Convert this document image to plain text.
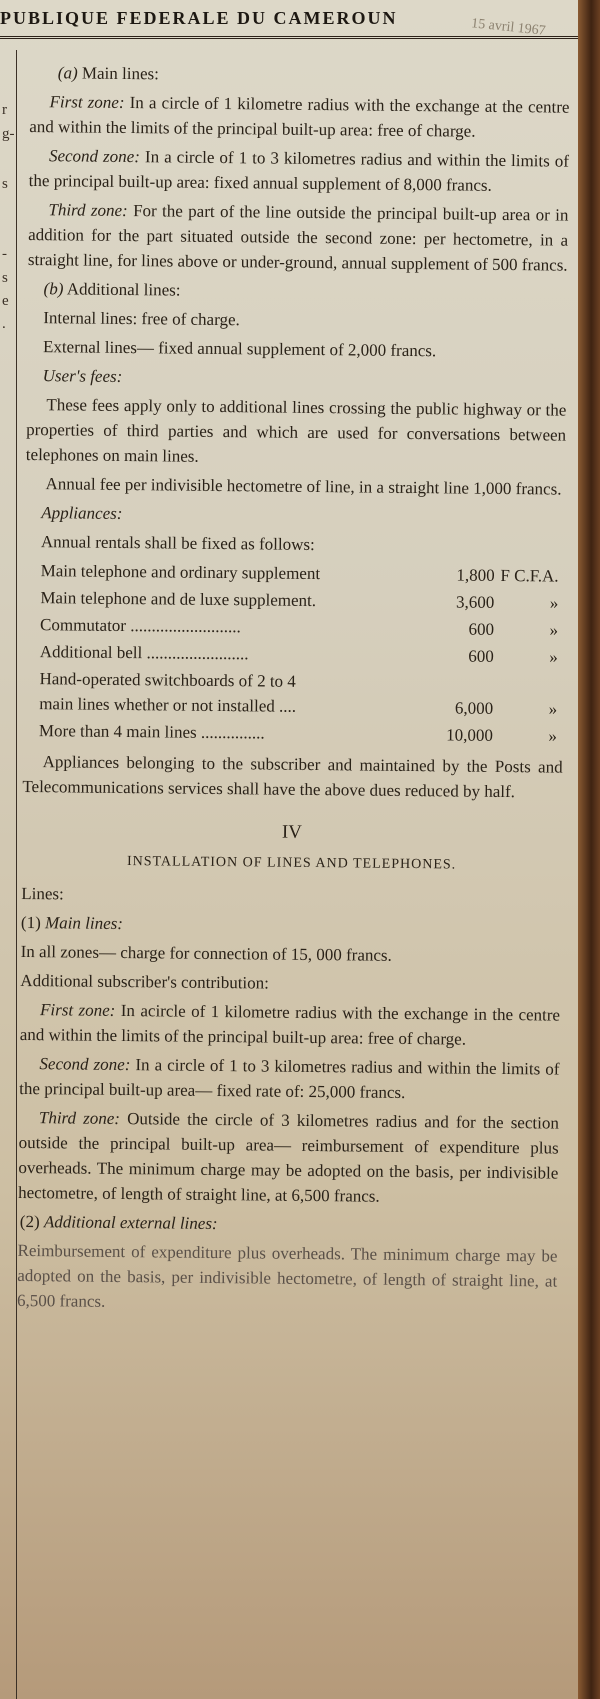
PUBLIQUE FEDERALE DU CAMEROUN	15 avril 1967
r
g-
s
-
s
e
.

(a) Main lines:

First zone: In a circle of 1 kilometre radius with the exchange at the centre and within the limits of the principal built-up area: free of charge.

Second zone: In a circle of 1 to 3 kilometres radius and within the limits of the principal built-up area: fixed annual supplement of 8,000 francs.

Third zone: For the part of the line outside the principal built-up area or in addition for the part situated outside the second zone: per hectometre, in a straight line, for lines above or under-ground, annual supplement of 500 francs.

(b) Additional lines:

Internal lines: free of charge.

External lines— fixed annual supplement of 2,000 francs.

User's fees:

These fees apply only to additional lines crossing the public highway or the properties of third parties and which are used for conversations between telephones on main lines.

Annual fee per indivisible hectometre of line, in a straight line 1,000 francs.

Appliances:

Annual rentals shall be fixed as follows:

Main telephone and ordinary supplement	1,800 F C.F.A.
Main telephone and de luxe supplement.	3,600	»
Commutator ..........................	600	»
Additional bell ........................	600	»
Hand-operated switchboards of 2 to 4
main lines whether or not installed ....	6,000	»
More than 4 main lines ...............	10,000	»

Appliances belonging to the subscriber and maintained by the Posts and Telecommunications services shall have the above dues reduced by half.

IV
INSTALLATION OF LINES AND TELEPHONES.

Lines:

(1) Main lines:

In all zones— charge for connection of 15, 000 francs.

Additional subscriber's contribution:

First zone: In acircle of 1 kilometre radius with the exchange in the centre and within the limits of the principal built-up area: free of charge.

Second zone: In a circle of 1 to 3 kilometres radius and within the limits of the principal built-up area— fixed rate of: 25,000 francs.

Third zone: Outside the circle of 3 kilometres radius and for the section outside the principal built-up area— reimbursement of expenditure plus overheads. The minimum charge may be adopted on the basis, per indivisible hectometre, of length of straight line, at 6,500 francs.

(2) Additional external lines:

Reimbursement of expenditure plus overheads. The minimum charge may be adopted on the basis, per indivisible hectometre, of length of straight line, at 6,500 francs.
